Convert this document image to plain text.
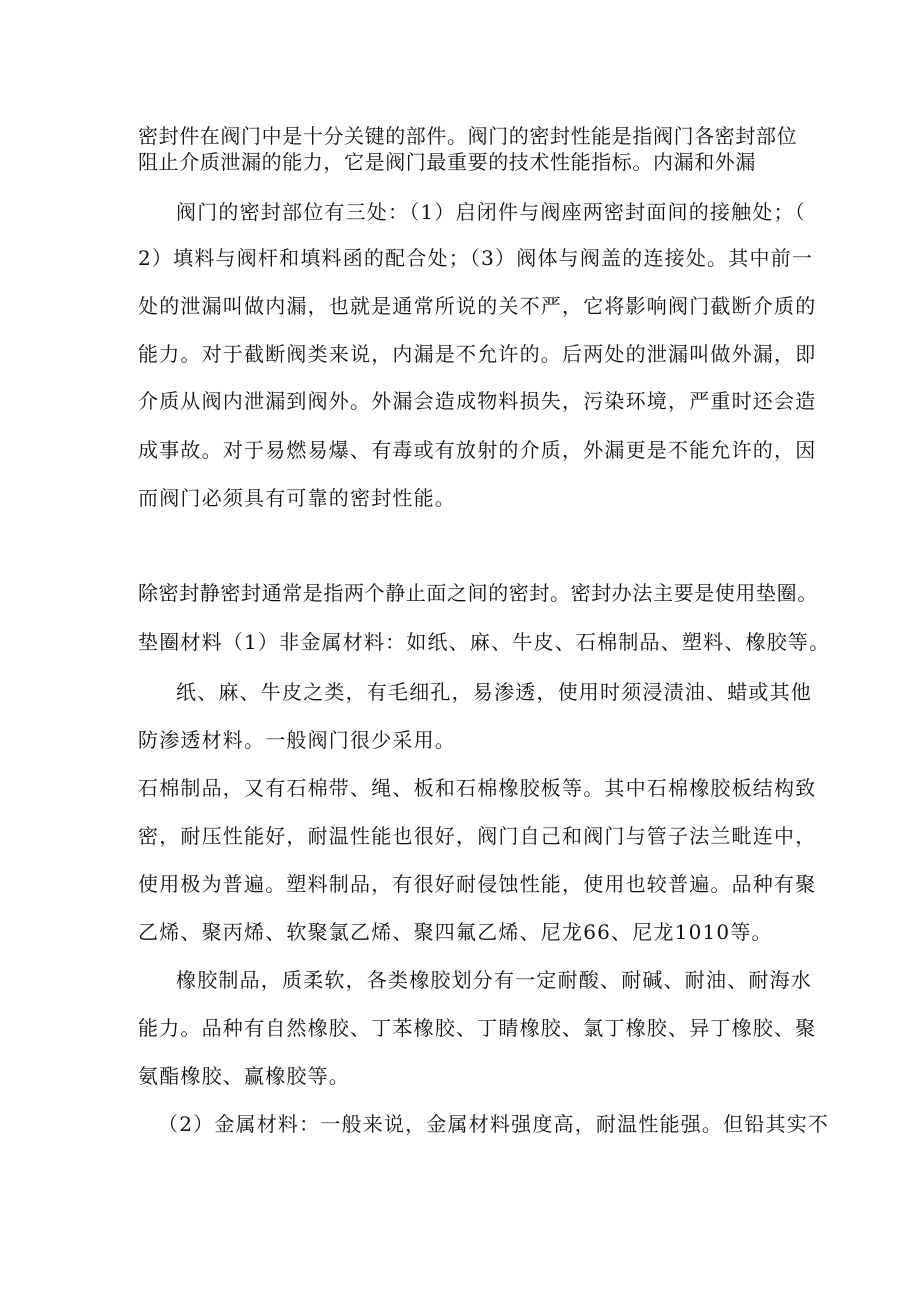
密封件在阀门中是十分关键的部件。阀门的密封性能是指阀门各密封部位
阻止介质泄漏的能力，它是阀门最重要的技术性能指标。内漏和外漏
阀门的密封部位有三处：（1）启闭件与阀座两密封面间的接触处；（
2）填料与阀杆和填料函的配合处；（3）阀体与阀盖的连接处。其中前一
处的泄漏叫做内漏，也就是通常所说的关不严，它将影响阀门截断介质的
能力。对于截断阀类来说，内漏是不允许的。后两处的泄漏叫做外漏，即
介质从阀内泄漏到阀外。外漏会造成物料损失，污染环境，严重时还会造
成事故。对于易燃易爆、有毒或有放射的介质，外漏更是不能允许的，因
而阀门必须具有可靠的密封性能。
除密封静密封通常是指两个静止面之间的密封。密封办法主要是使用垫圈。
垫圈材料（1）非金属材料：如纸、麻、牛皮、石棉制品、塑料、橡胶等。
纸、麻、牛皮之类，有毛细孔，易渗透，使用时须浸渍油、蜡或其他
防渗透材料。一般阀门很少采用。
石棉制品，又有石棉带、绳、板和石棉橡胶板等。其中石棉橡胶板结构致
密，耐压性能好，耐温性能也很好，阀门自己和阀门与管子法兰毗连中，
使用极为普遍。塑料制品，有很好耐侵蚀性能，使用也较普遍。品种有聚
乙烯、聚丙烯、软聚氯乙烯、聚四氟乙烯、尼龙66、尼龙1010等。
橡胶制品，质柔软，各类橡胶划分有一定耐酸、耐碱、耐油、耐海水
能力。品种有自然橡胶、丁苯橡胶、丁睛橡胶、氯丁橡胶、异丁橡胶、聚
氨酯橡胶、赢橡胶等。
（2）金属材料：一般来说，金属材料强度高，耐温性能强。但铅其实不
